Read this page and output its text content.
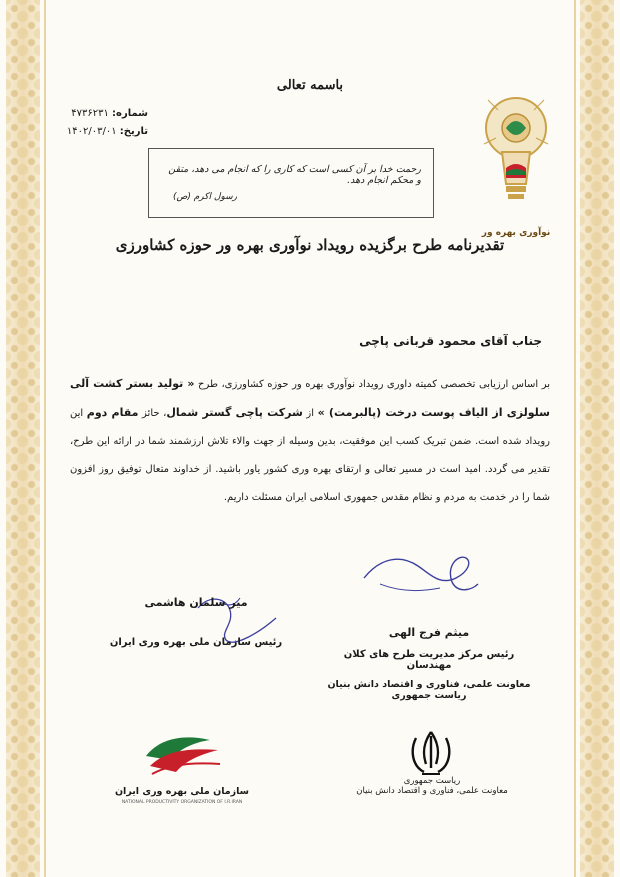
باسمه تعالی
شماره: ۴۷۳۶۲۳۱
تاریخ: ۱۴۰۲/۰۳/۰۱
رحمت خدا بر آن کسی است که کاری را که انجام می دهد، متقن و محکم انجام دهد.
رسول اکرم (ص)
نوآوری بهره ور
تقدیرنامه طرح برگزیده رویداد نوآوری بهره ور حوزه کشاورزی
جناب آقای محمود قربانی پاچی
بر اساس ارزیابی تخصصی کمیته داوری رویداد نوآوری بهره ور حوزه کشاورزی، طرح « تولید بستر کشت آلی سلولزی از الیاف پوست درخت (پالبرمت) » از شرکت پاچی گستر شمال، حائز مقام دوم این رویداد شده است. ضمن تبریک کسب این موفقیت، بدین وسیله از جهت والاء تلاش ارزشمند شما در ارائه این طرح، تقدیر می گردد. امید است در مسیر تعالی و ارتقای بهره وری کشور یاور باشید. از خداوند متعال توفیق روز افزون شما را در خدمت به مردم و نظام مقدس جمهوری اسلامی ایران مسئلت داریم.
میثم فرج الهی
رئیس مرکز مدیریت طرح های کلان مهندسان
معاونت علمی، فناوری و اقتصاد دانش بنیان ریاست جمهوری
میر سلمان هاشمی
رئیس سازمان ملی بهره وری ایران
ریاست جمهوری
معاونت علمی، فناوری و اقتصاد دانش بنیان
سازمان ملی بهره وری ایران
NATIONAL PRODUCTIVITY ORGANIZATION OF I.R.IRAN
